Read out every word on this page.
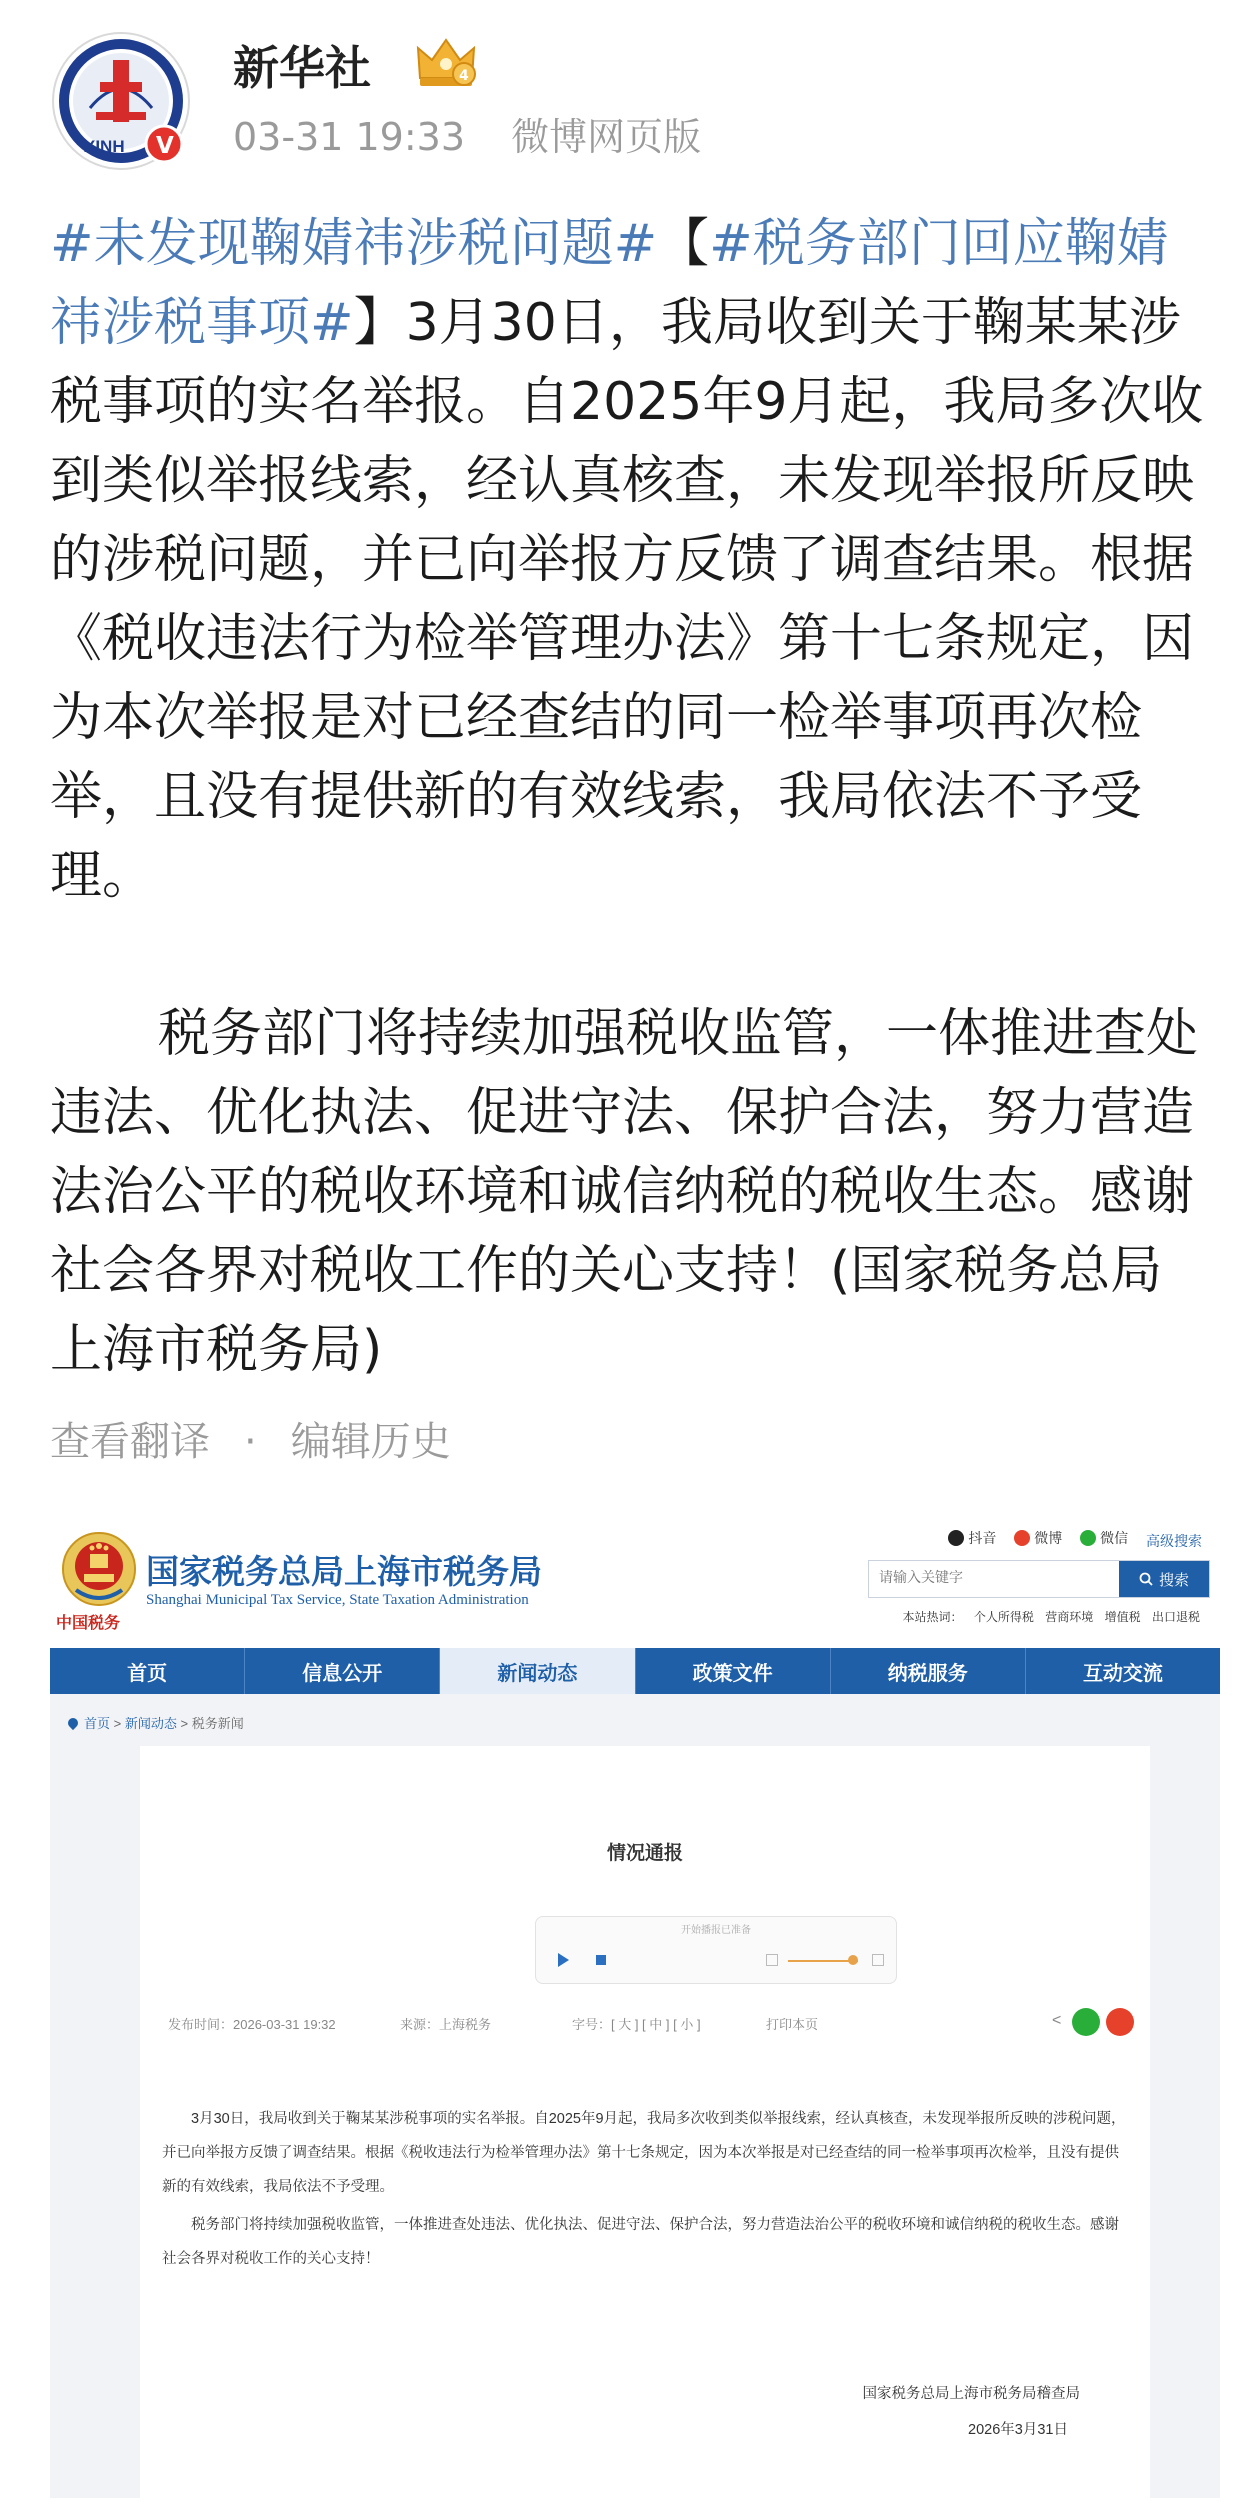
XINH V
新华社	4
03-31 19:33 微博网页版

#未发现鞠婧祎涉税问题#【#税务部门回应鞠婧祎涉税事项#】3月30日，我局收到关于鞠某某涉税事项的实名举报。自2025年9月起，我局多次收到类似举报线索，经认真核查，未发现举报所反映的涉税问题，并已向举报方反馈了调查结果。根据《税收违法行为检举管理办法》第十七条规定，因为本次举报是对已经查结的同一检举事项再次检举，且没有提供新的有效线索，我局依法不予受理。

税务部门将持续加强税收监管，一体推进查处违法、优化执法、促进守法、保护合法，努力营造法治公平的税收环境和诚信纳税的税收生态。感谢社会各界对税收工作的关心支持！(国家税务总局上海市税务局)

查看翻译 · 编辑历史
中国税务
国家税务总局上海市税务局
Shanghai Municipal Tax Service, State Taxation Administration
抖音
	微博
	微信 高级搜索
请输入关键字
搜索
本站热词： 个人所得税 营商环境 增值税 出口退税
首页	信息公开	新闻动态	政策文件	纳税服务	互动交流
首页 > 新闻动态 > 税务新闻
情况通报
开始播报已准备
发布时间：2026-03-31 19:32	来源：上海税务	字号：[ 大 ] [ 中 ] [ 小 ]	打印本页	<

3月30日，我局收到关于鞠某某涉税事项的实名举报。自2025年9月起，我局多次收到类似举报线索，经认真核查，未发现举报所反映的涉税问题，并已向举报方反馈了调查结果。根据《税收违法行为检举管理办法》第十七条规定，因为本次举报是对已经查结的同一检举事项再次检举，且没有提供新的有效线索，我局依法不予受理。

税务部门将持续加强税收监管，一体推进查处违法、优化执法、促进守法、保护合法，努力营造法治公平的税收环境和诚信纳税的税收生态。感谢社会各界对税收工作的关心支持！

国家税务总局上海市税务局稽查局
2026年3月31日
